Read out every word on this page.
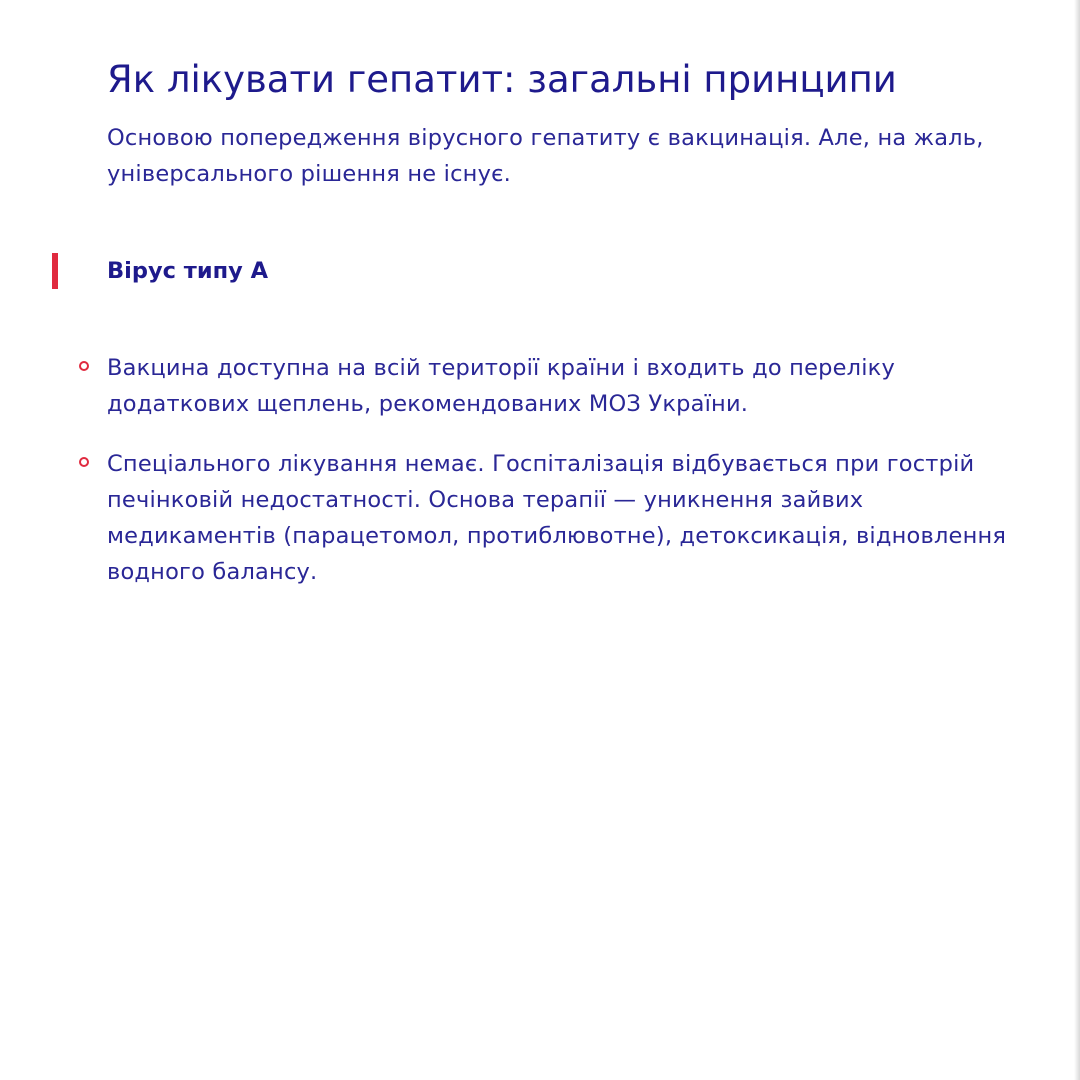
Як лікувати гепатит: загальні принципи

Основою попередження вірусного гепатиту є вакцинація. Але, на жаль, універсального рішення не існує.

Вірус типу А
Вакцина доступна на всій території країни і входить до переліку додаткових щеплень, рекомендованих МОЗ України.
Спеціального лікування немає. Госпіталізація відбувається при гострій печінковій недостатності. Основа терапії — уникнення зайвих медикаментів (парацетомол, протиблювотне), детоксикація, відновлення водного балансу.
